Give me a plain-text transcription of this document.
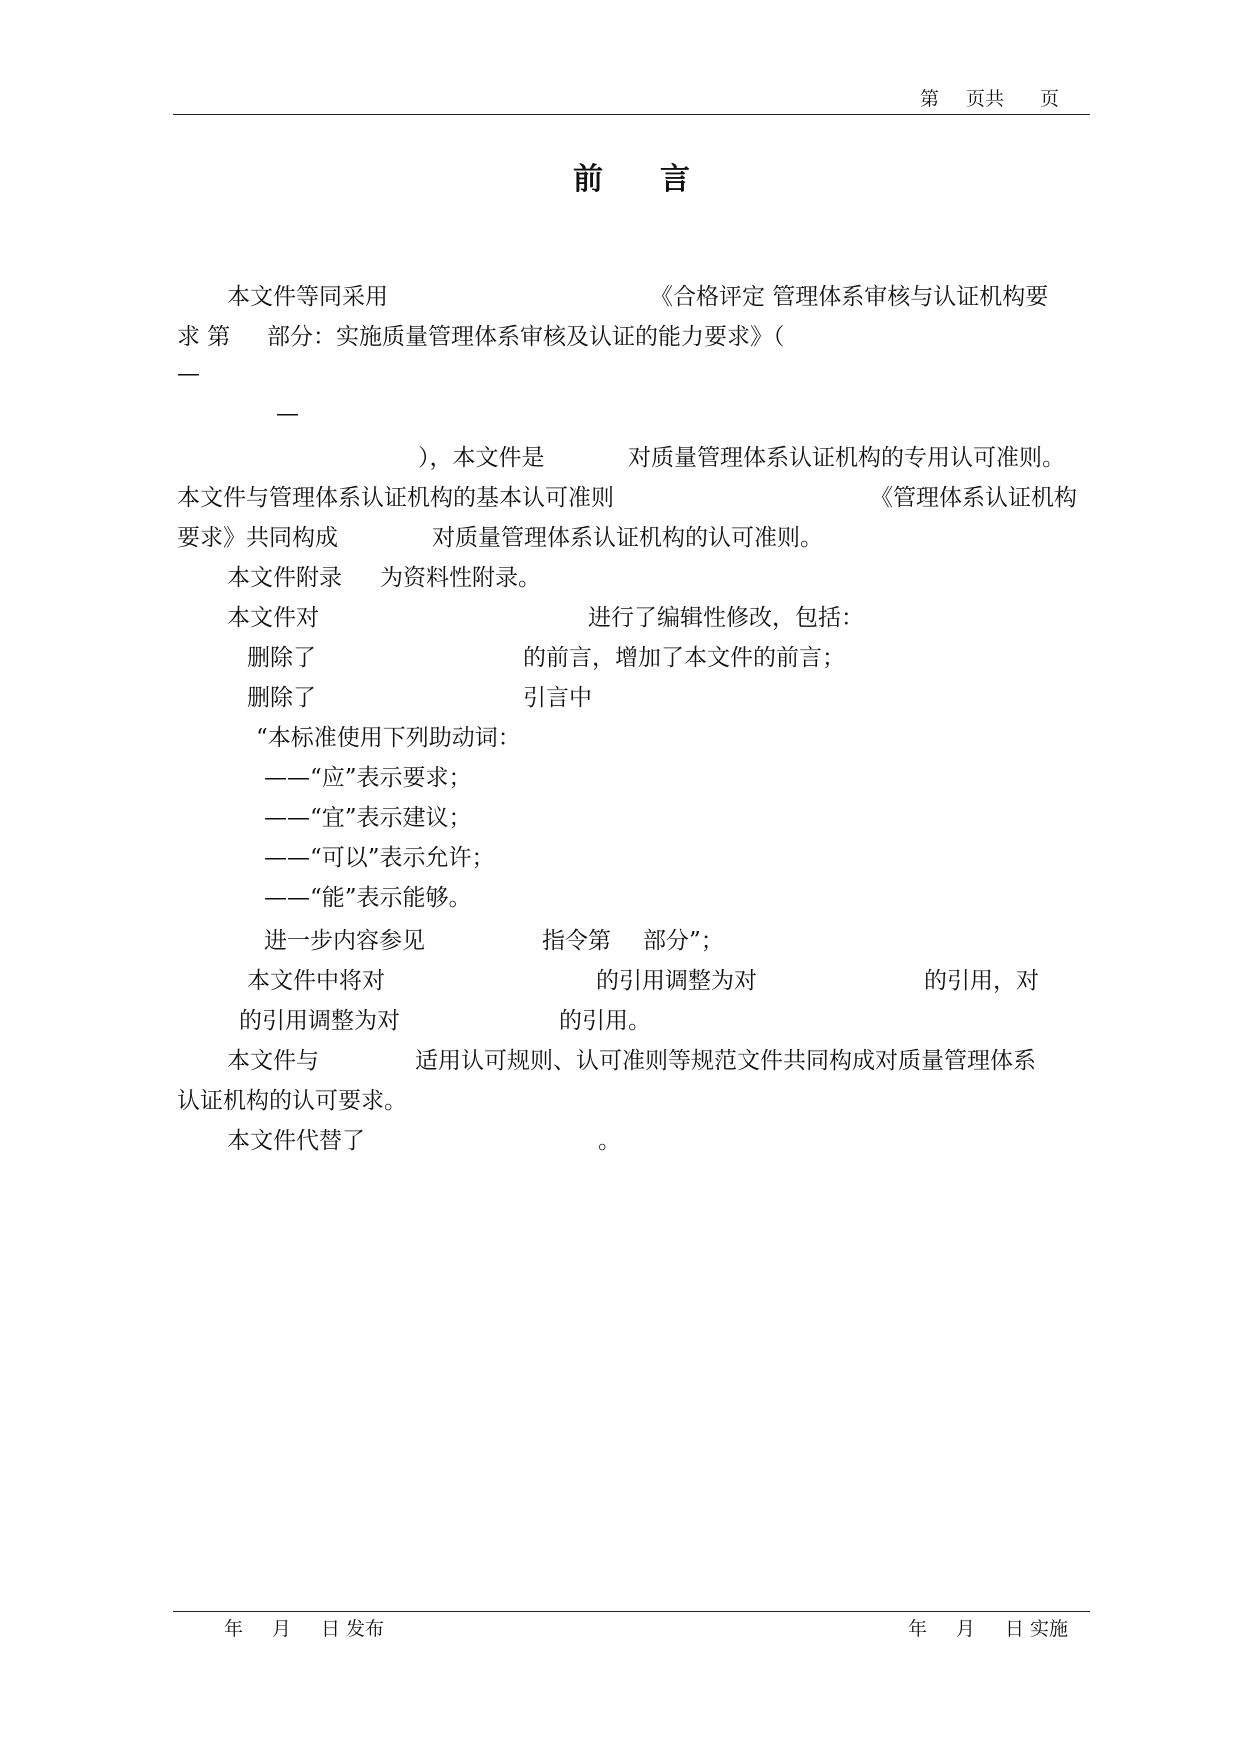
第 页共 页
前 言
本文件等同采用	《合格评定 管理体系审核与认证机构要
求 第 部分：实施质量管理体系审核及认证的能力要求》（
—
—
），本文件是	对质量管理体系认证机构的专用认可准则。
本文件与管理体系认证机构的基本认可准则	《管理体系认证机构
要求》共同构成	对质量管理体系认证机构的认可准则。
本文件附录 为资料性附录。
本文件对	进行了编辑性修改，包括：
删除了	的前言，增加了本文件的前言；
删除了	引言中
“本标准使用下列助动词：
——“应”表示要求；
——“宜”表示建议；
——“可以”表示允许；
——“能”表示能够。
进一步内容参见	指令第 部分”；
本文件中将对	的引用调整为对	的引用，对
的引用调整为对	的引用。
本文件与	适用认可规则、认可准则等规范文件共同构成对质量管理体系
认证机构的认可要求。
本文件代替了	。
年 月 日 发布	年 月 日 实施
